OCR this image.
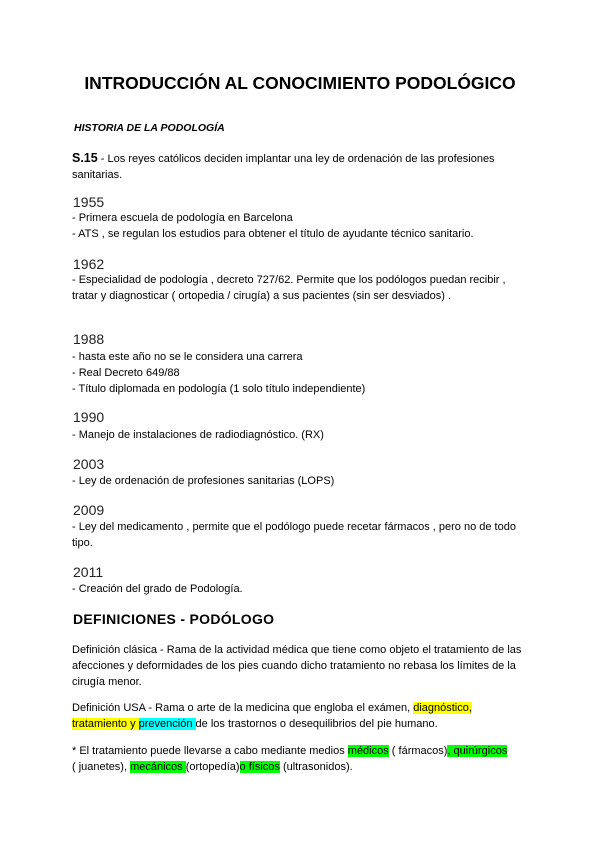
INTRODUCCIÓN AL CONOCIMIENTO PODOLÓGICO
HISTORIA DE LA PODOLOGÍA
S.15 - Los reyes católicos deciden implantar una ley de ordenación de las profesiones
sanitarias.
1955
- Primera escuela de podología en Barcelona
- ATS , se regulan los estudios para obtener el título de ayudante técnico sanitario.
1962
- Especialidad de podología , decreto 727/62. Permite que los podólogos puedan recibir ,
tratar y diagnosticar ( ortopedia / cirugía) a sus pacientes (sin ser desviados) .
1988
- hasta este año no se le considera una carrera
- Real Decreto 649/88
- Título diplomada en podología (1 solo título independiente)
1990
- Manejo de instalaciones de radiodiagnóstico. (RX)
2003
- Ley de ordenación de profesiones sanitarias (LOPS)
2009
- Ley del medicamento , permite que el podólogo puede recetar fármacos , pero no de todo
tipo.
2011
- Creación del grado de Podología.
DEFINICIONES - PODÓLOGO
Definición clásica - Rama de la actividad médica que tiene como objeto el tratamiento de las
afecciones y deformidades de los pies cuando dicho tratamiento no rebasa los límites de la
cirugía menor.
Definición USA - Rama o arte de la medicina que engloba el exámen, diagnóstico,
tratamiento y prevención de los trastornos o desequilibrios del pie humano.
* El tratamiento puede llevarse a cabo mediante medios médicos ( fármacos), quirúrgicos
( juanetes), mecánicos (ortopedía)o físicos (ultrasonidos).
